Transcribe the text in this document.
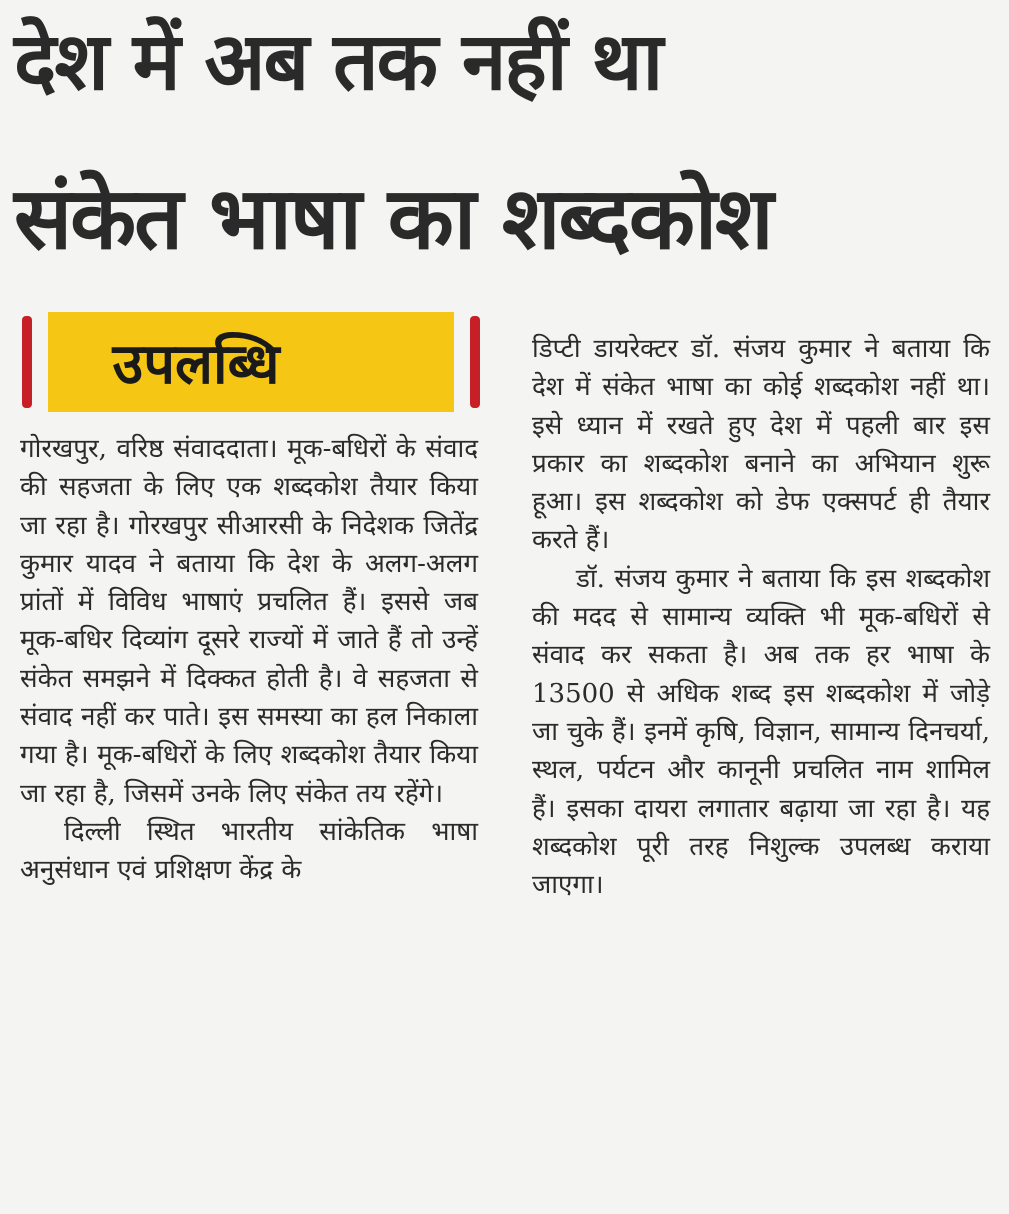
देश में अब तक नहीं था
संकेत भाषा का शब्दकोश
उपलब्धि

गोरखपुर, वरिष्ठ संवाददाता। मूक-बधिरों के संवाद की सहजता के लिए एक शब्दकोश तैयार किया जा रहा है। गोरखपुर सीआरसी के निदेशक जितेंद्र कुमार यादव ने बताया कि देश के अलग-अलग प्रांतों में विविध भाषाएं प्रचलित हैं। इससे जब मूक-बधिर दिव्यांग दूसरे राज्यों में जाते हैं तो उन्हें संकेत समझने में दिक्कत होती है। वे सहजता से संवाद नहीं कर पाते। इस समस्या का हल निकाला गया है। मूक-बधिरों के लिए शब्दकोश तैयार किया जा रहा है, जिसमें उनके लिए संकेत तय रहेंगे।

दिल्ली स्थित भारतीय सांकेतिक भाषा अनुसंधान एवं प्रशिक्षण केंद्र के

डिप्टी डायरेक्टर डॉ. संजय कुमार ने बताया कि देश में संकेत भाषा का कोई शब्दकोश नहीं था। इसे ध्यान में रखते हुए देश में पहली बार इस प्रकार का शब्दकोश बनाने का अभियान शुरू हूआ। इस शब्दकोश को डेफ एक्सपर्ट ही तैयार करते हैं।

डॉ. संजय कुमार ने बताया कि इस शब्दकोश की मदद से सामान्य व्यक्ति भी मूक-बधिरों से संवाद कर सकता है। अब तक हर भाषा के 13500 से अधिक शब्द इस शब्दकोश में जोड़े जा चुके हैं। इनमें कृषि, विज्ञान, सामान्य दिनचर्या, स्थल, पर्यटन और कानूनी प्रचलित नाम शामिल हैं। इसका दायरा लगातार बढ़ाया जा रहा है। यह शब्दकोश पूरी तरह निशुल्क उपलब्ध कराया जाएगा।
